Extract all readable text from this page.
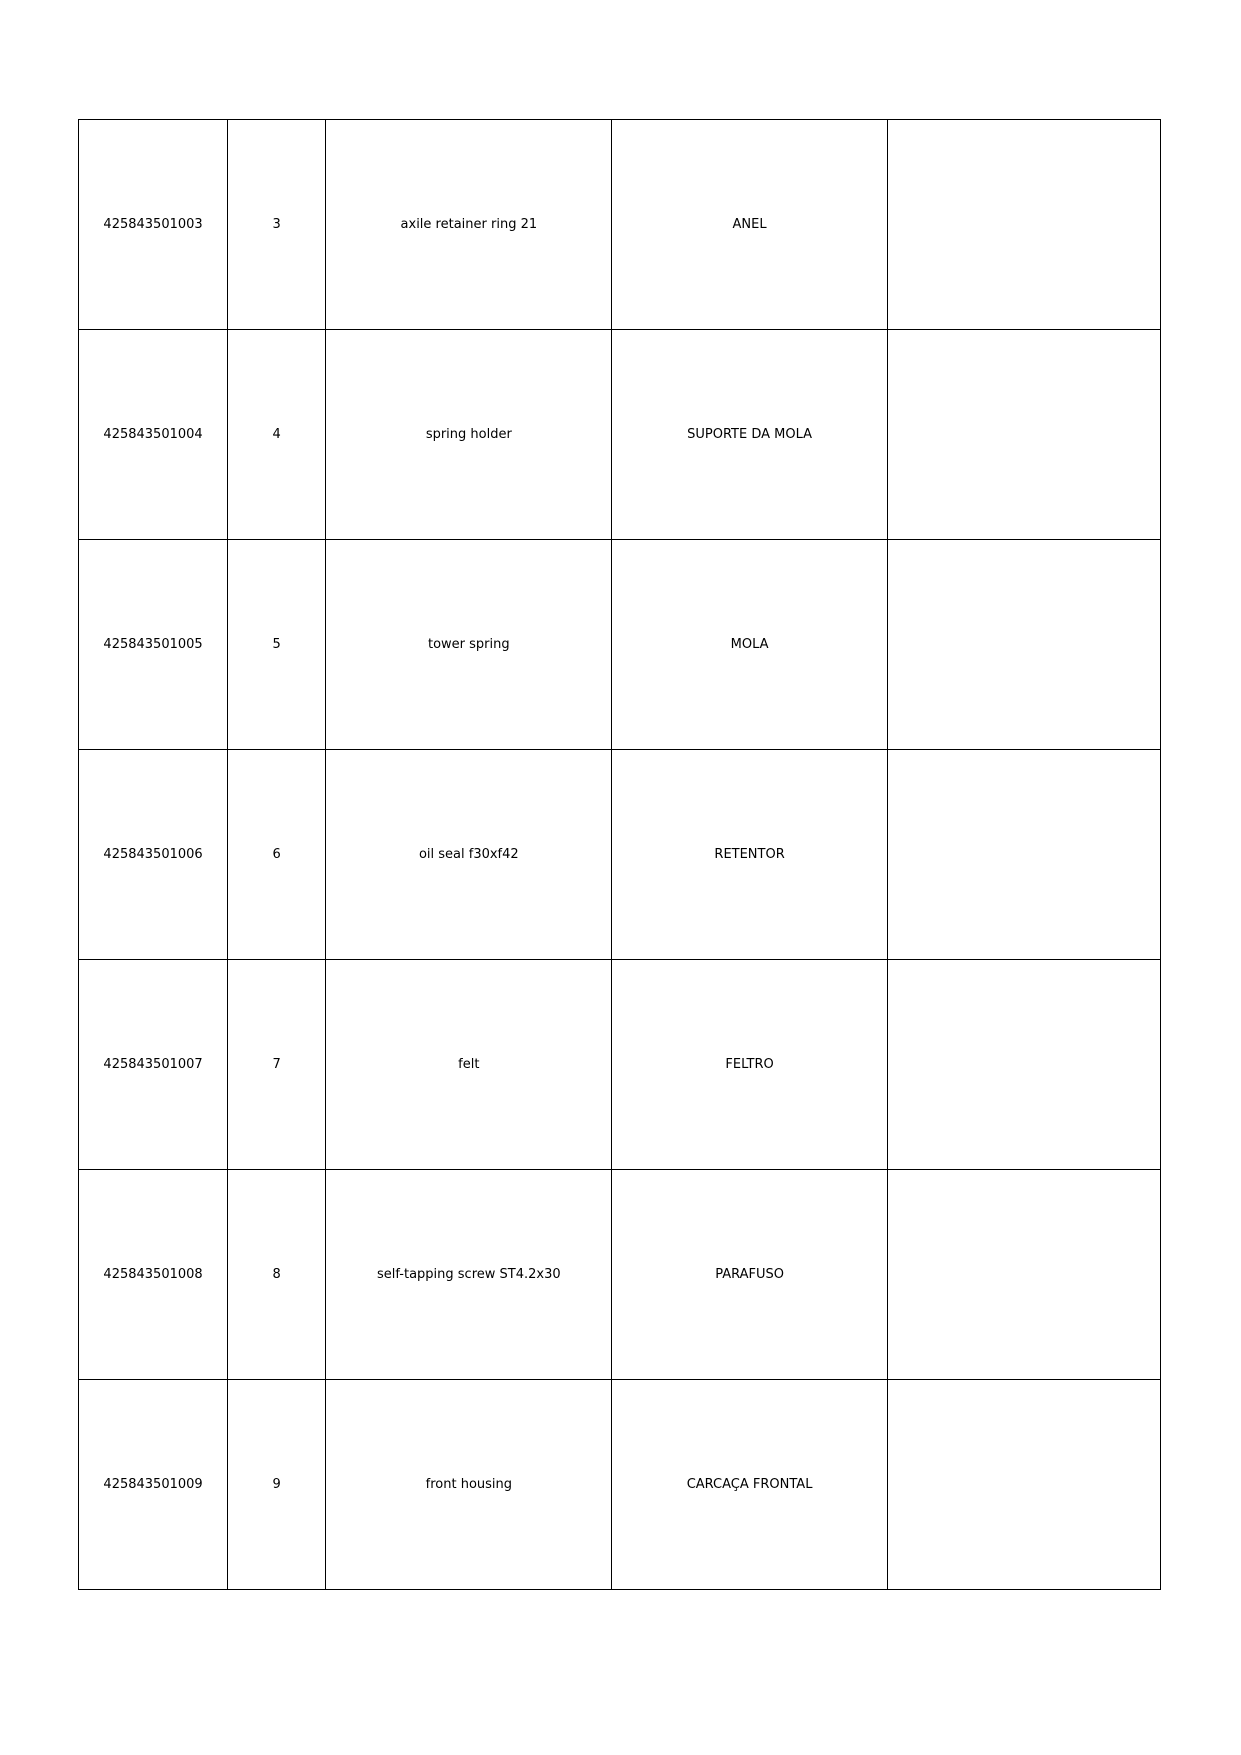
425843501003	3	axile retainer ring 21	ANEL	
425843501004	4	spring holder	SUPORTE DA MOLA	
425843501005	5	tower spring	MOLA	
425843501006	6	oil seal f30xf42	RETENTOR	
425843501007	7	felt	FELTRO	
425843501008	8	self-tapping screw ST4.2x30	PARAFUSO	
425843501009	9	front housing	CARCAÇA FRONTAL	
